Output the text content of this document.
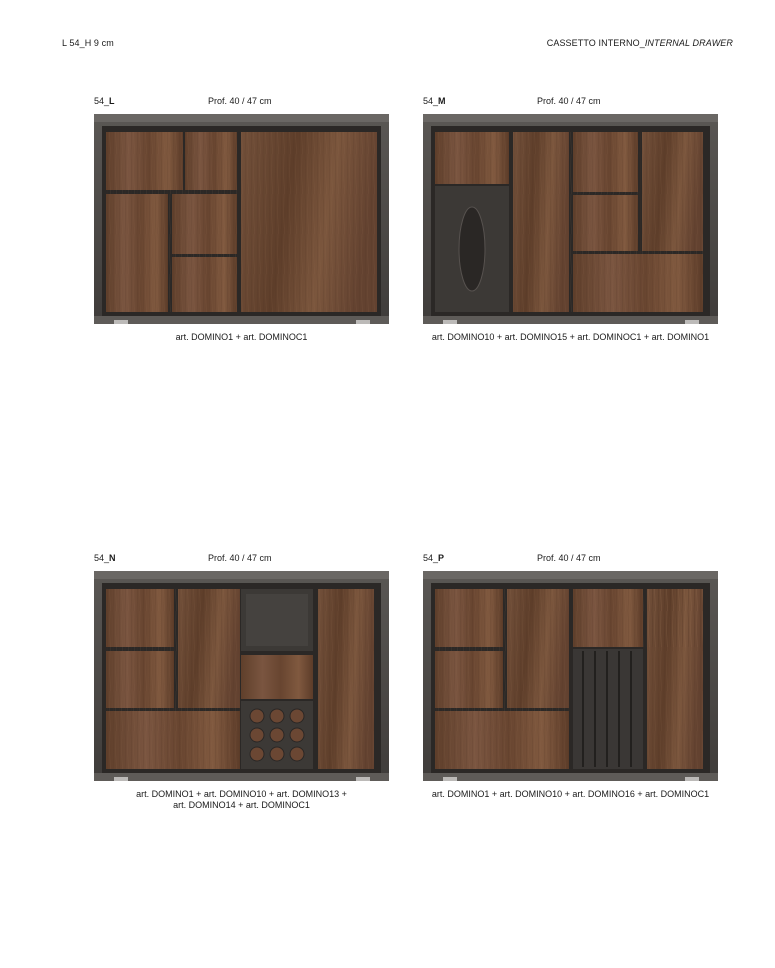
L 54_H 9 cm	CASSETTO INTERNO_INTERNAL DRAWER
54_L	Prof. 40 / 47 cm
art. DOMINO1 + art. DOMINOC1
54_M	Prof. 40 / 47 cm
art. DOMINO10 + art. DOMINO15 + art. DOMINOC1 + art. DOMINO1
54_N	Prof. 40 / 47 cm
art. DOMINO1 + art. DOMINO10 + art. DOMINO13 +
art. DOMINO14 + art. DOMINOC1
54_P	Prof. 40 / 47 cm
art. DOMINO1 + art. DOMINO10 + art. DOMINO16 + art. DOMINOC1
